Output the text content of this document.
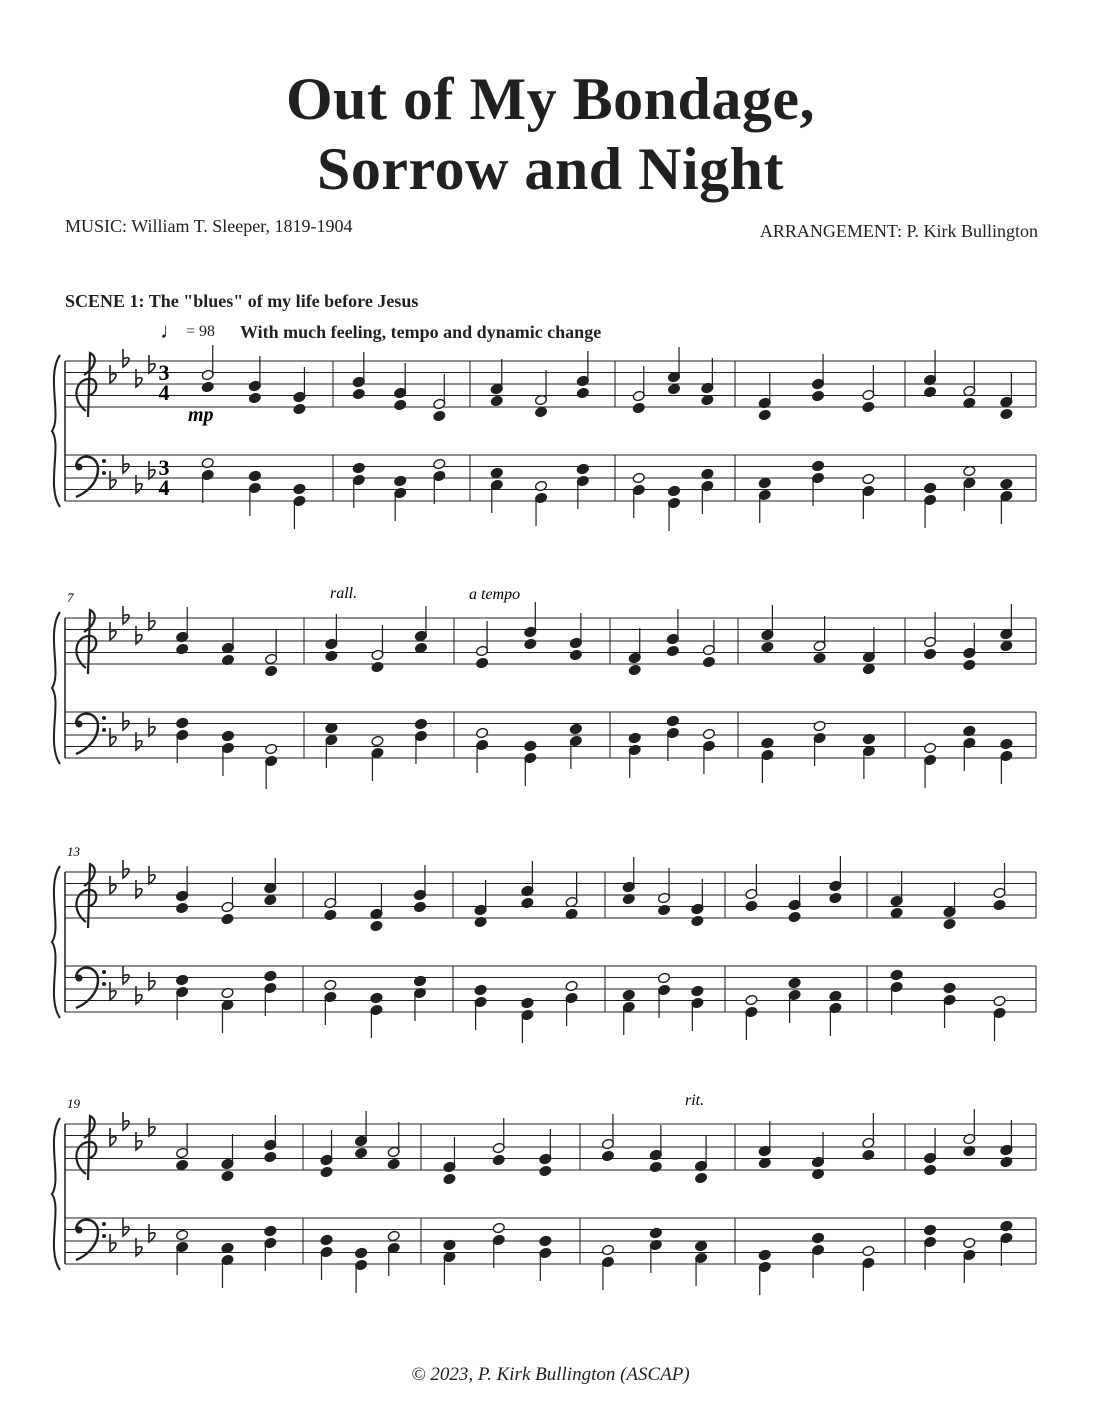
Out of My Bondage,
Sorrow and Night
MUSIC: William T. Sleeper, 1819-1904	ARRANGEMENT: P. Kirk Bullington
SCENE 1: The "blues" of my life before Jesus
♩ = 98 With much feeling, tempo and dynamic change
mp
rall.	a tempo
rit.
7
13
19
3
4
3
4
© 2023, P. Kirk Bullington (ASCAP)
